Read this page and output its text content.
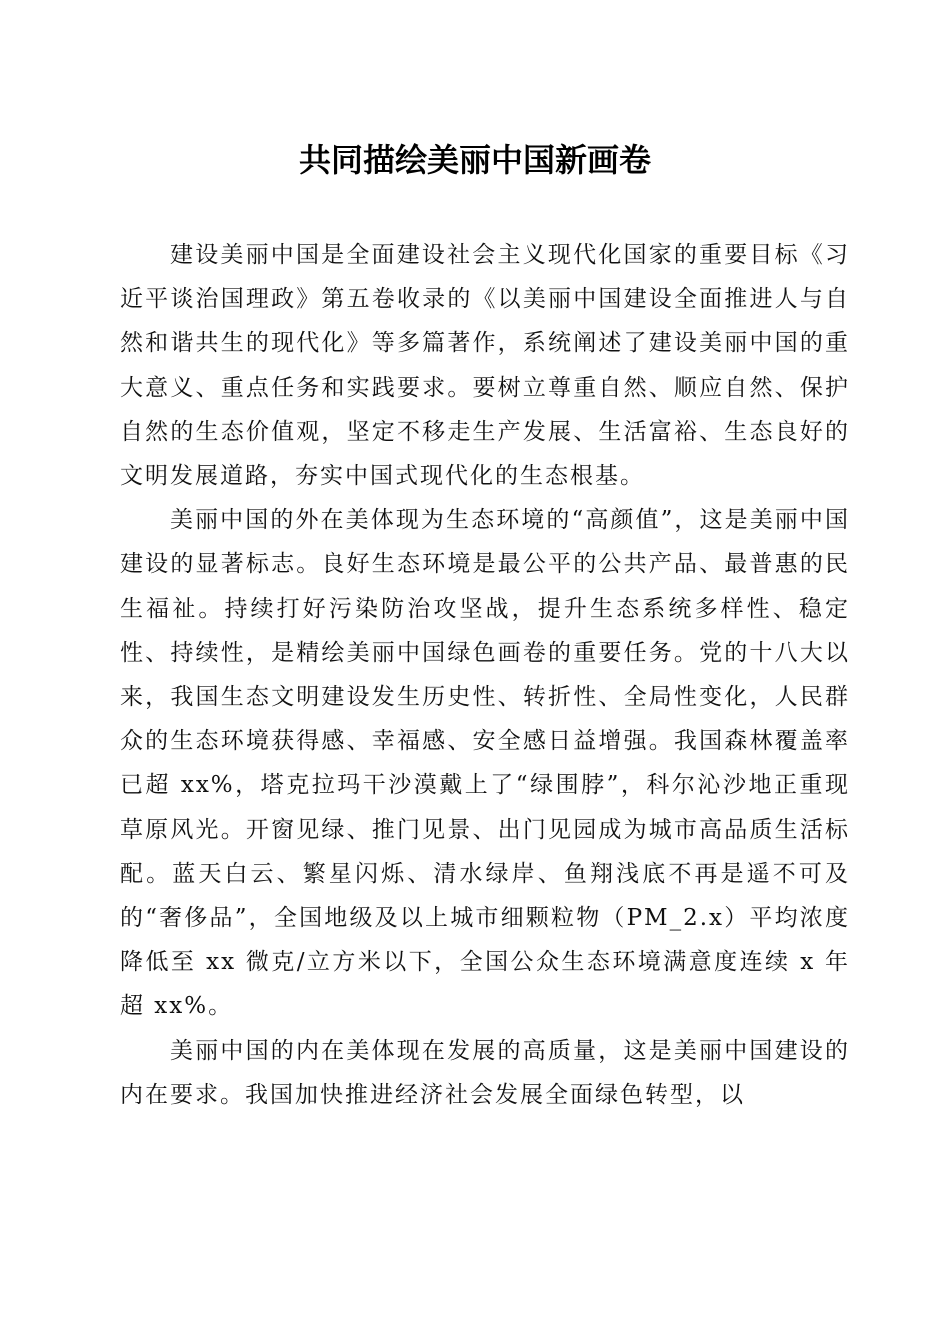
共同描绘美丽中国新画卷

建设美丽中国是全面建设社会主义现代化国家的重要目标《习近平谈治国理政》第五卷收录的《以美丽中国建设全面推进人与自然和谐共生的现代化》等多篇著作，系统阐述了建设美丽中国的重大意义、重点任务和实践要求。要树立尊重自然、顺应自然、保护自然的生态价值观，坚定不移走生产发展、生活富裕、生态良好的文明发展道路，夯实中国式现代化的生态根基。

美丽中国的外在美体现为生态环境的“高颜值”，这是美丽中国建设的显著标志。良好生态环境是最公平的公共产品、最普惠的民生福祉。持续打好污染防治攻坚战，提升生态系统多样性、稳定性、持续性，是精绘美丽中国绿色画卷的重要任务。党的十八大以来，我国生态文明建设发生历史性、转折性、全局性变化，人民群众的生态环境获得感、幸福感、安全感日益增强。我国森林覆盖率已超 xx%，塔克拉玛干沙漠戴上了“绿围脖”，科尔沁沙地正重现草原风光。开窗见绿、推门见景、出门见园成为城市高品质生活标配。蓝天白云、繁星闪烁、清水绿岸、鱼翔浅底不再是遥不可及的“奢侈品”，全国地级及以上城市细颗粒物（PM_2.x）平均浓度降低至 xx 微克/立方米以下，全国公众生态环境满意度连续 x 年超 xx%。

美丽中国的内在美体现在发展的高质量，这是美丽中国建设的内在要求。我国加快推进经济社会发展全面绿色转型，以
